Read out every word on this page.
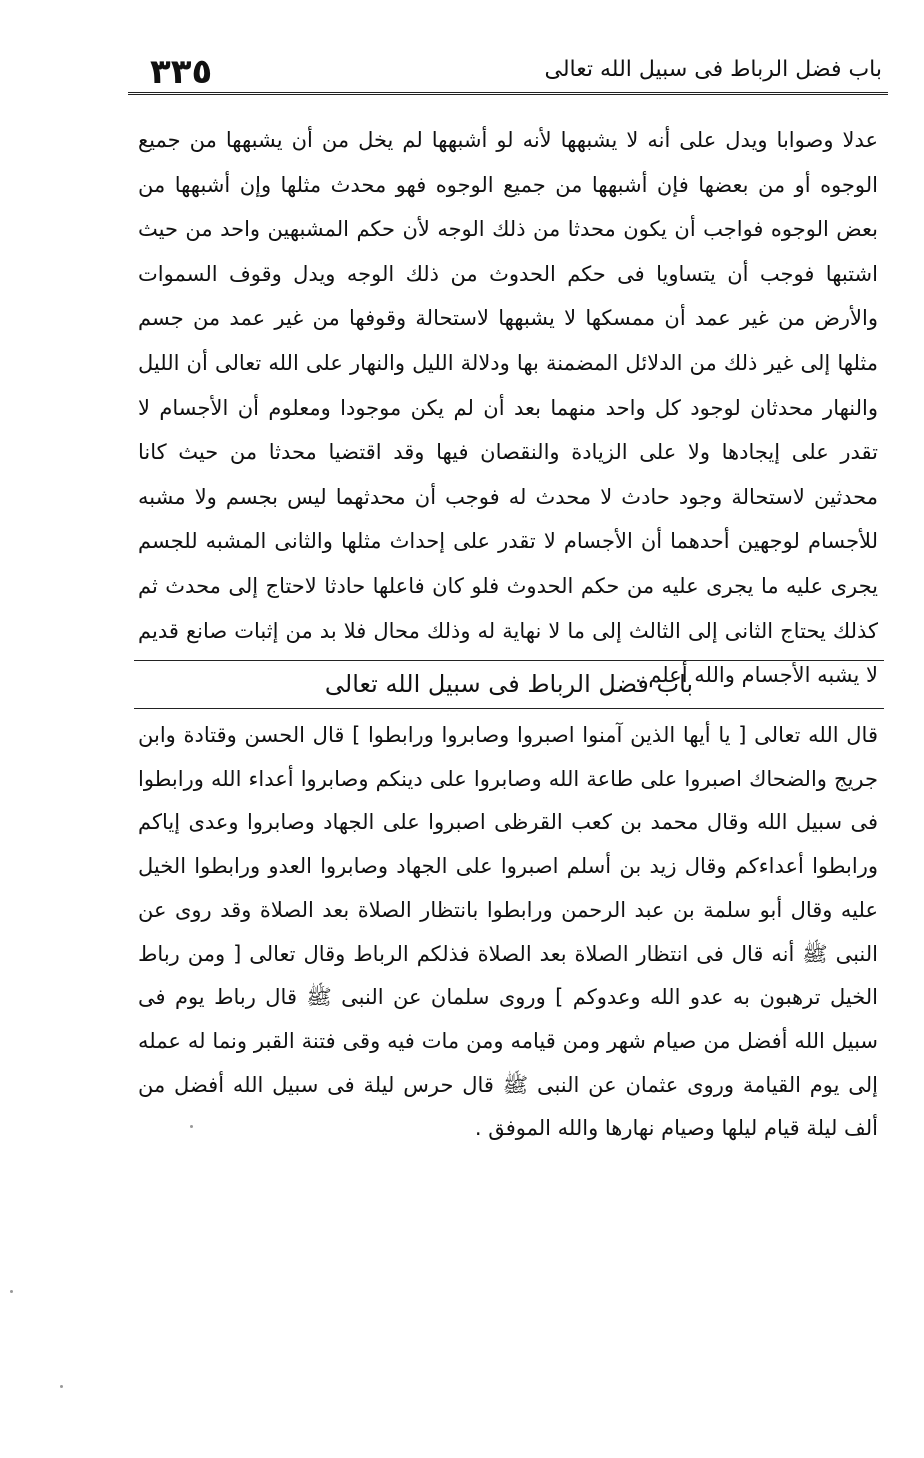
٣٣٥	باب فضل الرباط فى سبيل الله تعالى

عدلا وصوابا ويدل على أنه لا يشبهها لأنه لو أشبهها لم يخل من أن يشبهها من جميع الوجوه أو من بعضها فإن أشبهها من جميع الوجوه فهو محدث مثلها وإن أشبهها من بعض الوجوه فواجب أن يكون محدثا من ذلك الوجه لأن حكم المشبهين واحد من حيث اشتبها فوجب أن يتساويا فى حكم الحدوث من ذلك الوجه ويدل وقوف السموات والأرض من غير عمد أن ممسكها لا يشبهها لاستحالة وقوفها من غير عمد من جسم مثلها إلى غير ذلك من الدلائل المضمنة بها ودلالة الليل والنهار على الله تعالى أن الليل والنهار محدثان لوجود كل واحد منهما بعد أن لم يكن موجودا ومعلوم أن الأجسام لا تقدر على إيجادها ولا على الزيادة والنقصان فيها وقد اقتضيا محدثا من حيث كانا محدثين لاستحالة وجود حادث لا محدث له فوجب أن محدثهما ليس بجسم ولا مشبه للأجسام لوجهين أحدهما أن الأجسام لا تقدر على إحداث مثلها والثانى المشبه للجسم يجرى عليه ما يجرى عليه من حكم الحدوث فلو كان فاعلها حادثا لاحتاج إلى محدث ثم كذلك يحتاج الثانى إلى الثالث إلى ما لا نهاية له وذلك محال فلا بد من إثبات صانع قديم لا يشبه الأجسام والله أعلم .

باب فضل الرباط فى سبيل الله تعالى

قال الله تعالى [ يا أيها الذين آمنوا اصبروا وصابروا ورابطوا ] قال الحسن وقتادة وابن جريج والضحاك اصبروا على طاعة الله وصابروا على دينكم وصابروا أعداء الله ورابطوا فى سبيل الله وقال محمد بن كعب القرظى اصبروا على الجهاد وصابروا وعدى إياكم ورابطوا أعداءكم وقال زيد بن أسلم اصبروا على الجهاد وصابروا العدو ورابطوا الخيل عليه وقال أبو سلمة بن عبد الرحمن ورابطوا بانتظار الصلاة بعد الصلاة وقد روى عن النبى ﷺ أنه قال فى انتظار الصلاة بعد الصلاة فذلكم الرباط وقال تعالى [ ومن رباط الخيل ترهبون به عدو الله وعدوكم ] وروى سلمان عن النبى ﷺ قال رباط يوم فى سبيل الله أفضل من صيام شهر ومن قيامه ومن مات فيه وقى فتنة القبر ونما له عمله إلى يوم القيامة وروى عثمان عن النبى ﷺ قال حرس ليلة فى سبيل الله أفضل من ألف ليلة قيام ليلها وصيام نهارها والله الموفق .
